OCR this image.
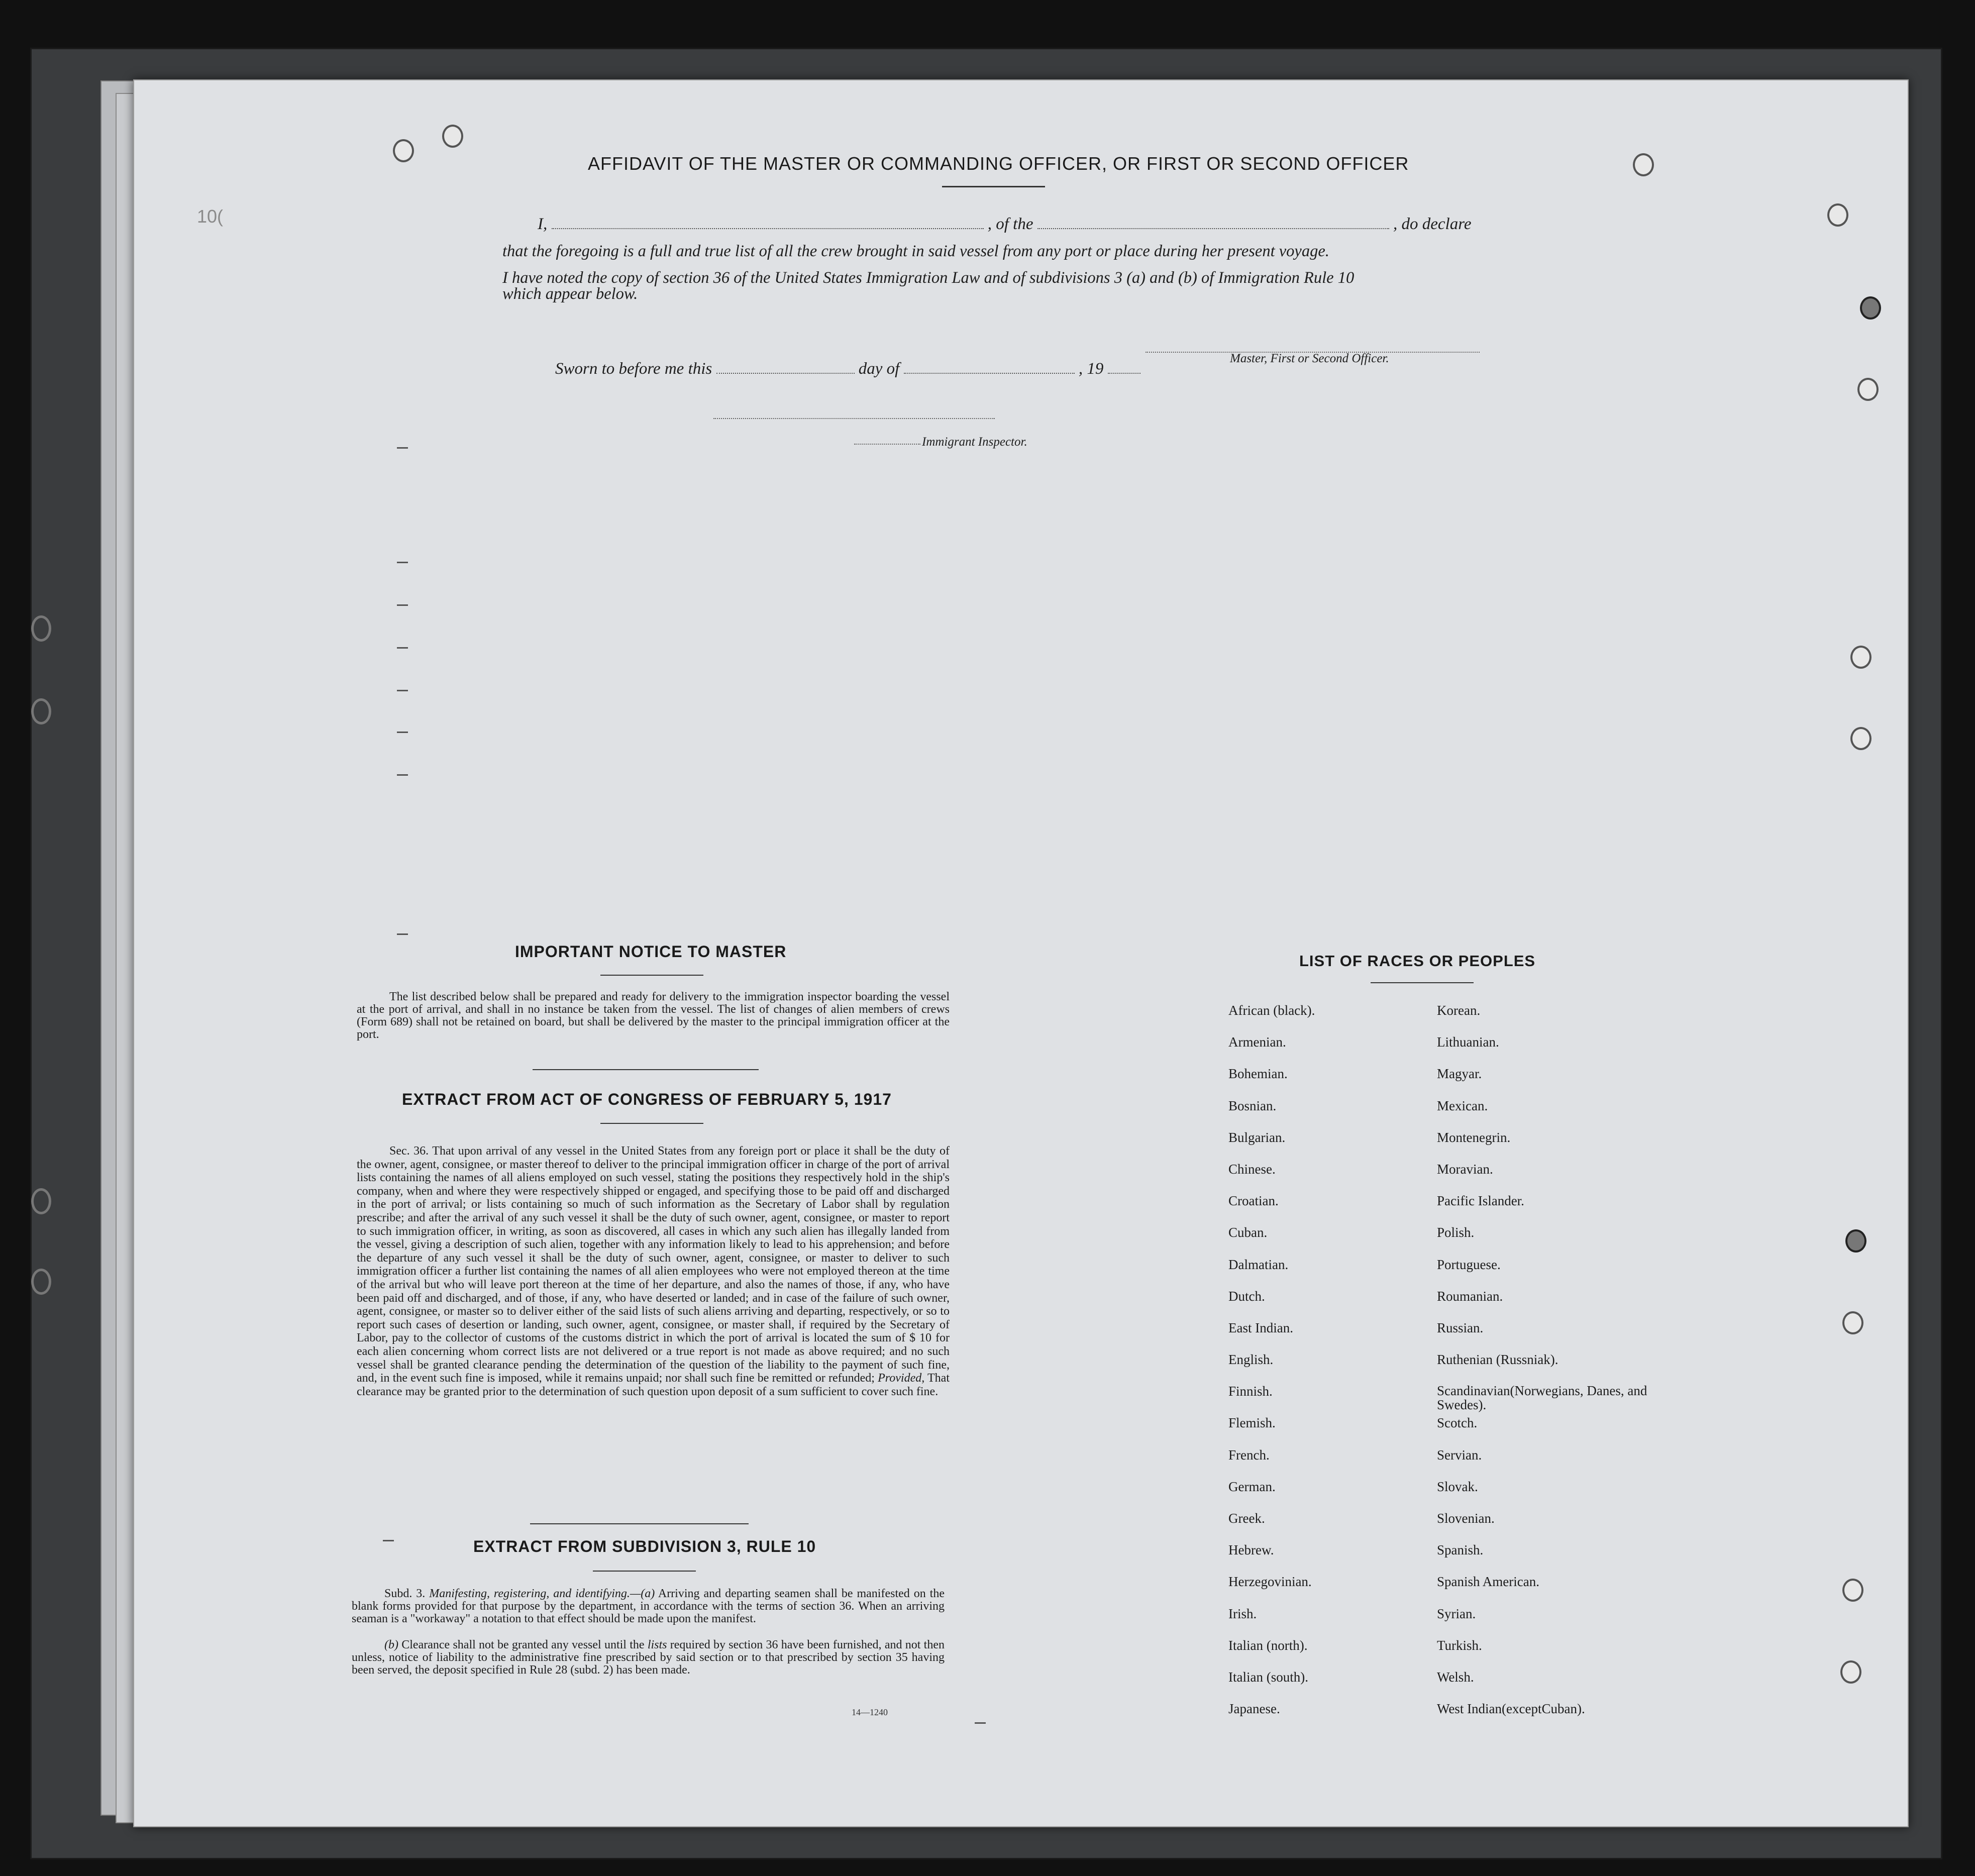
10(
AFFIDAVIT OF THE MASTER OR COMMANDING OFFICER, OR FIRST OR SECOND OFFICER
I,	, of the	, do declare
that the foregoing is a full and true list of all the crew brought in said vessel from any port or place during her present voyage.
I have noted the copy of section 36 of the United States Immigration Law and of subdivisions 3 (a) and (b) of Immigration Rule 10
which appear below.
Master, First or Second Officer.
Sworn to before me this	day of	, 19
Immigrant Inspector.
IMPORTANT NOTICE TO MASTER
The list described below shall be prepared and ready for delivery to the immigration inspector boarding the vessel at the port of arrival, and shall in no instance be taken from the vessel. The list of changes of alien members of crews (Form 689) shall not be retained on board, but shall be delivered by the master to the principal immigration officer at the port.
EXTRACT FROM ACT OF CONGRESS OF FEBRUARY 5, 1917
Sec. 36. That upon arrival of any vessel in the United States from any foreign port or place it shall be the duty of the owner, agent, consignee, or master thereof to deliver to the principal immigration officer in charge of the port of arrival lists containing the names of all aliens employed on such vessel, stating the positions they respectively hold in the ship's company, when and where they were respectively shipped or engaged, and specifying those to be paid off and discharged in the port of arrival; or lists containing so much of such information as the Secretary of Labor shall by regulation prescribe; and after the arrival of any such vessel it shall be the duty of such owner, agent, consignee, or master to report to such immigration officer, in writing, as soon as discovered, all cases in which any such alien has illegally landed from the vessel, giving a description of such alien, together with any information likely to lead to his apprehension; and before the departure of any such vessel it shall be the duty of such owner, agent, consignee, or master to deliver to such immigration officer a further list containing the names of all alien employees who were not employed thereon at the time of the arrival but who will leave port thereon at the time of her departure, and also the names of those, if any, who have been paid off and discharged, and of those, if any, who have deserted or landed; and in case of the failure of such owner, agent, consignee, or master so to deliver either of the said lists of such aliens arriving and departing, respectively, or so to report such cases of desertion or landing, such owner, agent, consignee, or master shall, if required by the Secretary of Labor, pay to the collector of customs of the customs district in which the port of arrival is located the sum of $ 10 for each alien concerning whom correct lists are not delivered or a true report is not made as above required; and no such vessel shall be granted clearance pending the determination of the question of the liability to the payment of such fine, and, in the event such fine is imposed, while it remains unpaid; nor shall such fine be remitted or refunded; Provided, That clearance may be granted prior to the determination of such question upon deposit of a sum sufficient to cover such fine.
EXTRACT FROM SUBDIVISION 3, RULE 10
Subd. 3. Manifesting, registering, and identifying.—(a) Arriving and departing seamen shall be manifested on the blank forms provided for that purpose by the department, in accordance with the terms of section 36. When an arriving seaman is a "workaway" a notation to that effect should be made upon the manifest.
(b) Clearance shall not be granted any vessel until the lists required by section 36 have been furnished, and not then unless, notice of liability to the administrative fine prescribed by said section or to that prescribed by section 35 having been served, the deposit specified in Rule 28 (subd. 2) has been made.
14—1240
LIST OF RACES OR PEOPLES
African (black).
Armenian.
Bohemian.
Bosnian.
Bulgarian.
Chinese.
Croatian.
Cuban.
Dalmatian.
Dutch.
East Indian.
English.
Finnish.
Flemish.
French.
German.
Greek.
Hebrew.
Herzegovinian.
Irish.
Italian (north).
Italian (south).
Japanese.
Korean.
Lithuanian.
Magyar.
Mexican.
Montenegrin.
Moravian.
Pacific Islander.
Polish.
Portuguese.
Roumanian.
Russian.
Ruthenian (Russniak).
Scandinavian(Norwegians, Danes, and Swedes).
Scotch.
Servian.
Slovak.
Slovenian.
Spanish.
Spanish American.
Syrian.
Turkish.
Welsh.
West Indian(exceptCuban).
